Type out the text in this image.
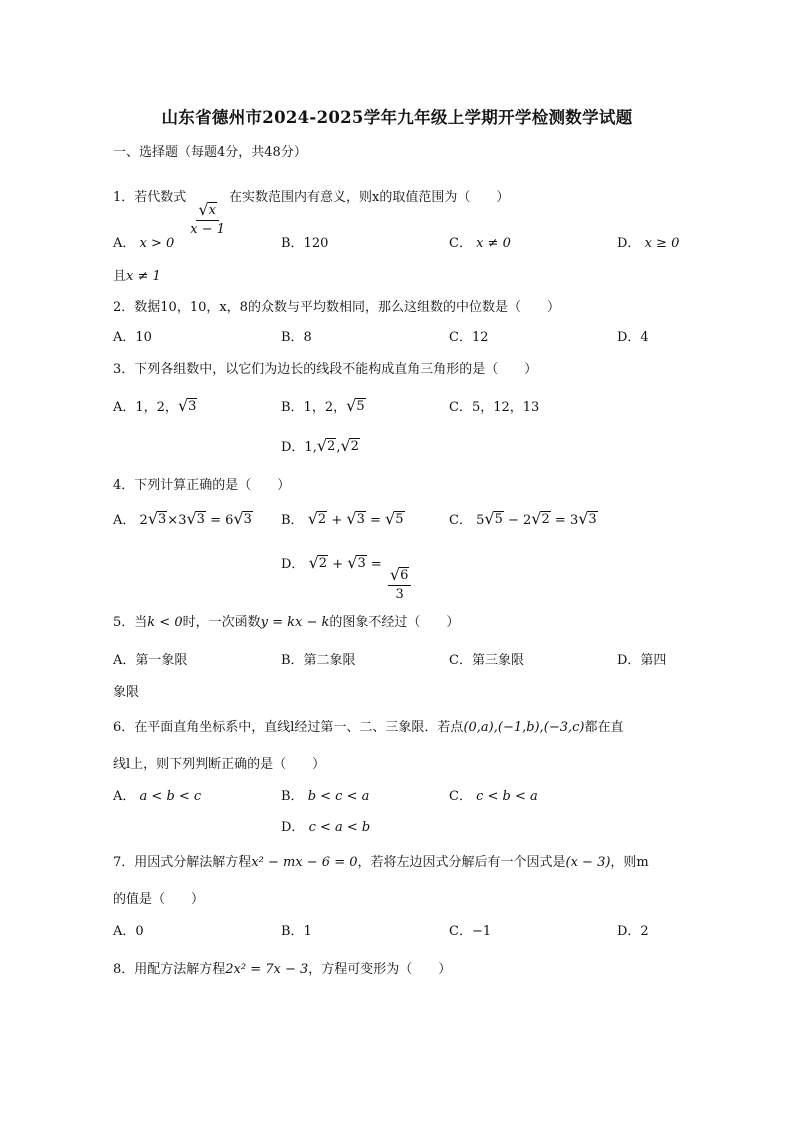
山东省德州市2024-2025学年九年级上学期开学检测数学试题
一、选择题（每题4分，共48分）
1．若代数式
$\frac{√ x}{x - 1}$
在实数范围内有意义，则x的取值范围为（　　）
A． x > 0	B．120	C． x ≠ 0	D． x ≥ 0
且x ≠ 1
2．数据10，10，x，8的众数与平均数相同，那么这组数的中位数是（　　）
A．10	B．8	C．12	D．4
3．下列各组数中，以它们为边长的线段不能构成直角三角形的是（　　）
A．1，2， √ 3	B．1，2， √ 5	C．5，12，13
D．1, √ 2 , √ 2
4．下列计算正确的是（　　）
A． 2 √ 3 ×3 √ 3 = 6 √ 3 B． √ 2 + √ 3 = √ 5	C． 5 √ 5 − 2 √ 2 = 3 √ 3
D． √ 2 + √ 3 =
$\frac{√ 6}{3}$
5．当k < 0时，一次函数y = kx − k的图象不经过（　　）
A．第一象限	B．第二象限	C．第三象限	D．第四
象限
6．在平面直角坐标系中，直线l经过第一、二、三象限．若点(0,a),(−1,b),(−3,c)都在直
线l上，则下列判断正确的是（　　）
A． a < b < c	B． b < c < a	C． c < b < a
D． c < a < b
7．用因式分解法解方程x² − mx − 6 = 0，若将左边因式分解后有一个因式是(x − 3)，则m
的值是（　　）
A．0	B．1	C．−1	D．2
8．用配方法解方程2x² = 7x − 3，方程可变形为（　　）
